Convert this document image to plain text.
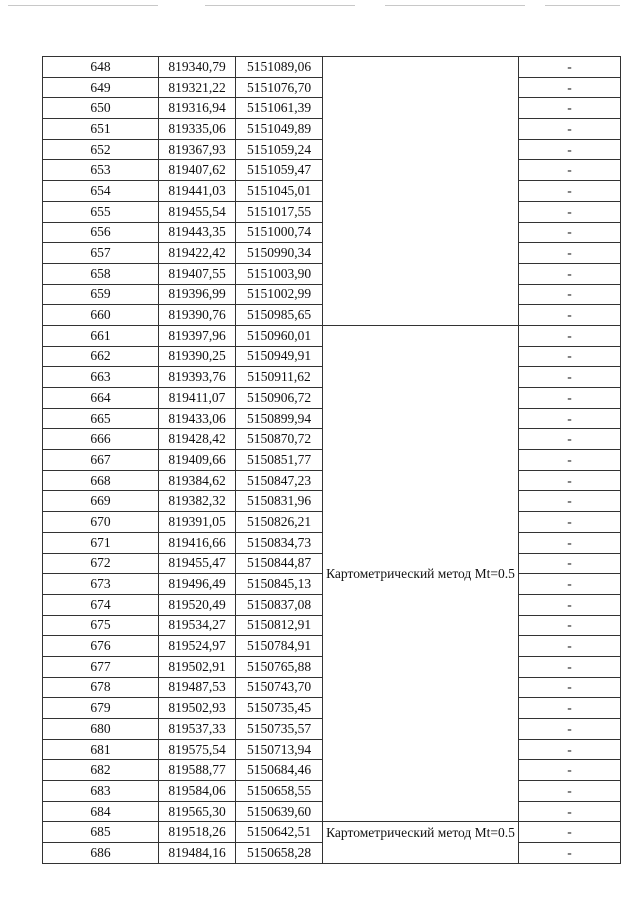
648	819340,79	5151089,06		-
649	819321,22	5151076,70		-
650	819316,94	5151061,39		-
651	819335,06	5151049,89		-
652	819367,93	5151059,24		-
653	819407,62	5151059,47		-
654	819441,03	5151045,01		-
655	819455,54	5151017,55		-
656	819443,35	5151000,74		-
657	819422,42	5150990,34		-
658	819407,55	5151003,90		-
659	819396,99	5151002,99		-
660	819390,76	5150985,65		-
661	819397,96	5150960,01	Картометрический метод Mt=0.5	-
662	819390,25	5150949,91		-
663	819393,76	5150911,62		-
664	819411,07	5150906,72		-
665	819433,06	5150899,94		-
666	819428,42	5150870,72		-
667	819409,66	5150851,77		-
668	819384,62	5150847,23		-
669	819382,32	5150831,96		-
670	819391,05	5150826,21		-
671	819416,66	5150834,73		-
672	819455,47	5150844,87		-
673	819496,49	5150845,13		-
674	819520,49	5150837,08		-
675	819534,27	5150812,91		-
676	819524,97	5150784,91		-
677	819502,91	5150765,88		-
678	819487,53	5150743,70		-
679	819502,93	5150735,45		-
680	819537,33	5150735,57		-
681	819575,54	5150713,94		-
682	819588,77	5150684,46		-
683	819584,06	5150658,55		-
684	819565,30	5150639,60		-
685	819518,26	5150642,51	Картометрический метод Mt=0.5	-
686	819484,16	5150658,28		-
